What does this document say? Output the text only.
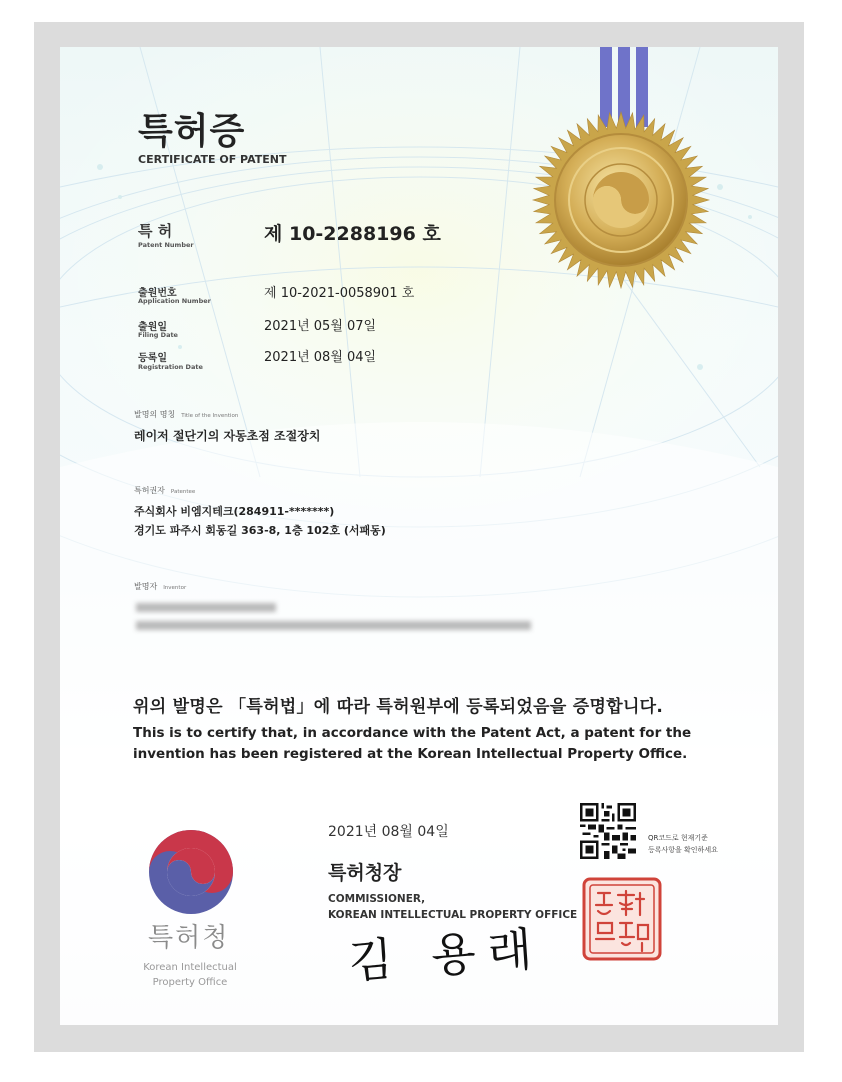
특허증
CERTIFICATE OF PATENT
특 허
Patent Number	제 10-2288196 호
출원번호
Application Number	제 10-2021-0058901 호
출원일
Filing Date
2021년 05월 07일
등록일
Registration Date
2021년 08월 04일
발명의 명칭 Title of the Invention
레이저 절단기의 자동초점 조절장치
특허권자 Patentee
주식회사 비엠지테크(284911-*******)
경기도 파주시 회동길 363-8, 1층 102호 (서패동)
발명자 Inventor
위의 발명은 「특허법」에 따라 특허원부에 등록되었음을 증명합니다.
This is to certify that, in accordance with the Patent Act, a patent for the
invention has been registered at the Korean Intellectual Property Office.
특허청
Korean Intellectual
Property Office
2021년 08월 04일
특허청장
COMMISSIONER,
KOREAN INTELLECTUAL PROPERTY OFFICE
김 용래
QR코드로 현재기준
등록사항을 확인하세요
